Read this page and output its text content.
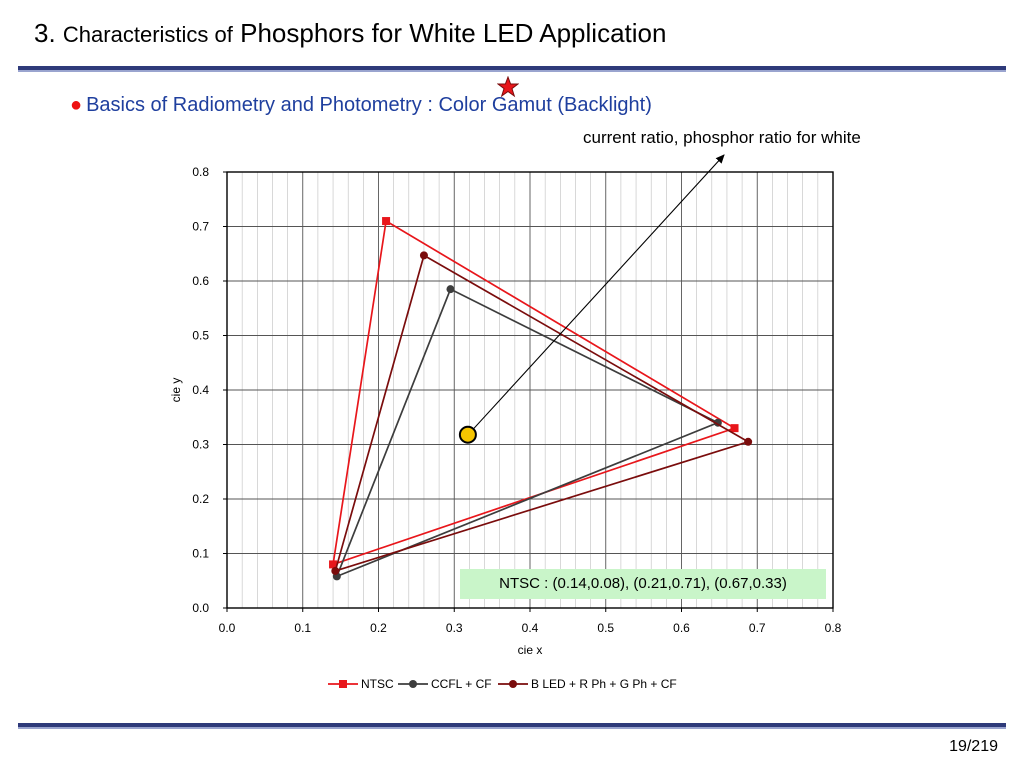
3. Characteristics of Phosphors for White LED Application
● Basics of Radiometry and Photometry : Color Gamut (Backlight)
current ratio, phosphor ratio for white
0.0	0.1	0.2	0.3	0.4	0.5	0.6	0.7	0.8
0.0
0.1
0.2
0.3
0.4
0.5
0.6
0.7
0.8
cie x
cie y
NTSC	CCFL + CF	B LED + R Ph + G Ph + CF
NTSC : (0.14,0.08), (0.21,0.71), (0.67,0.33)
19/219
